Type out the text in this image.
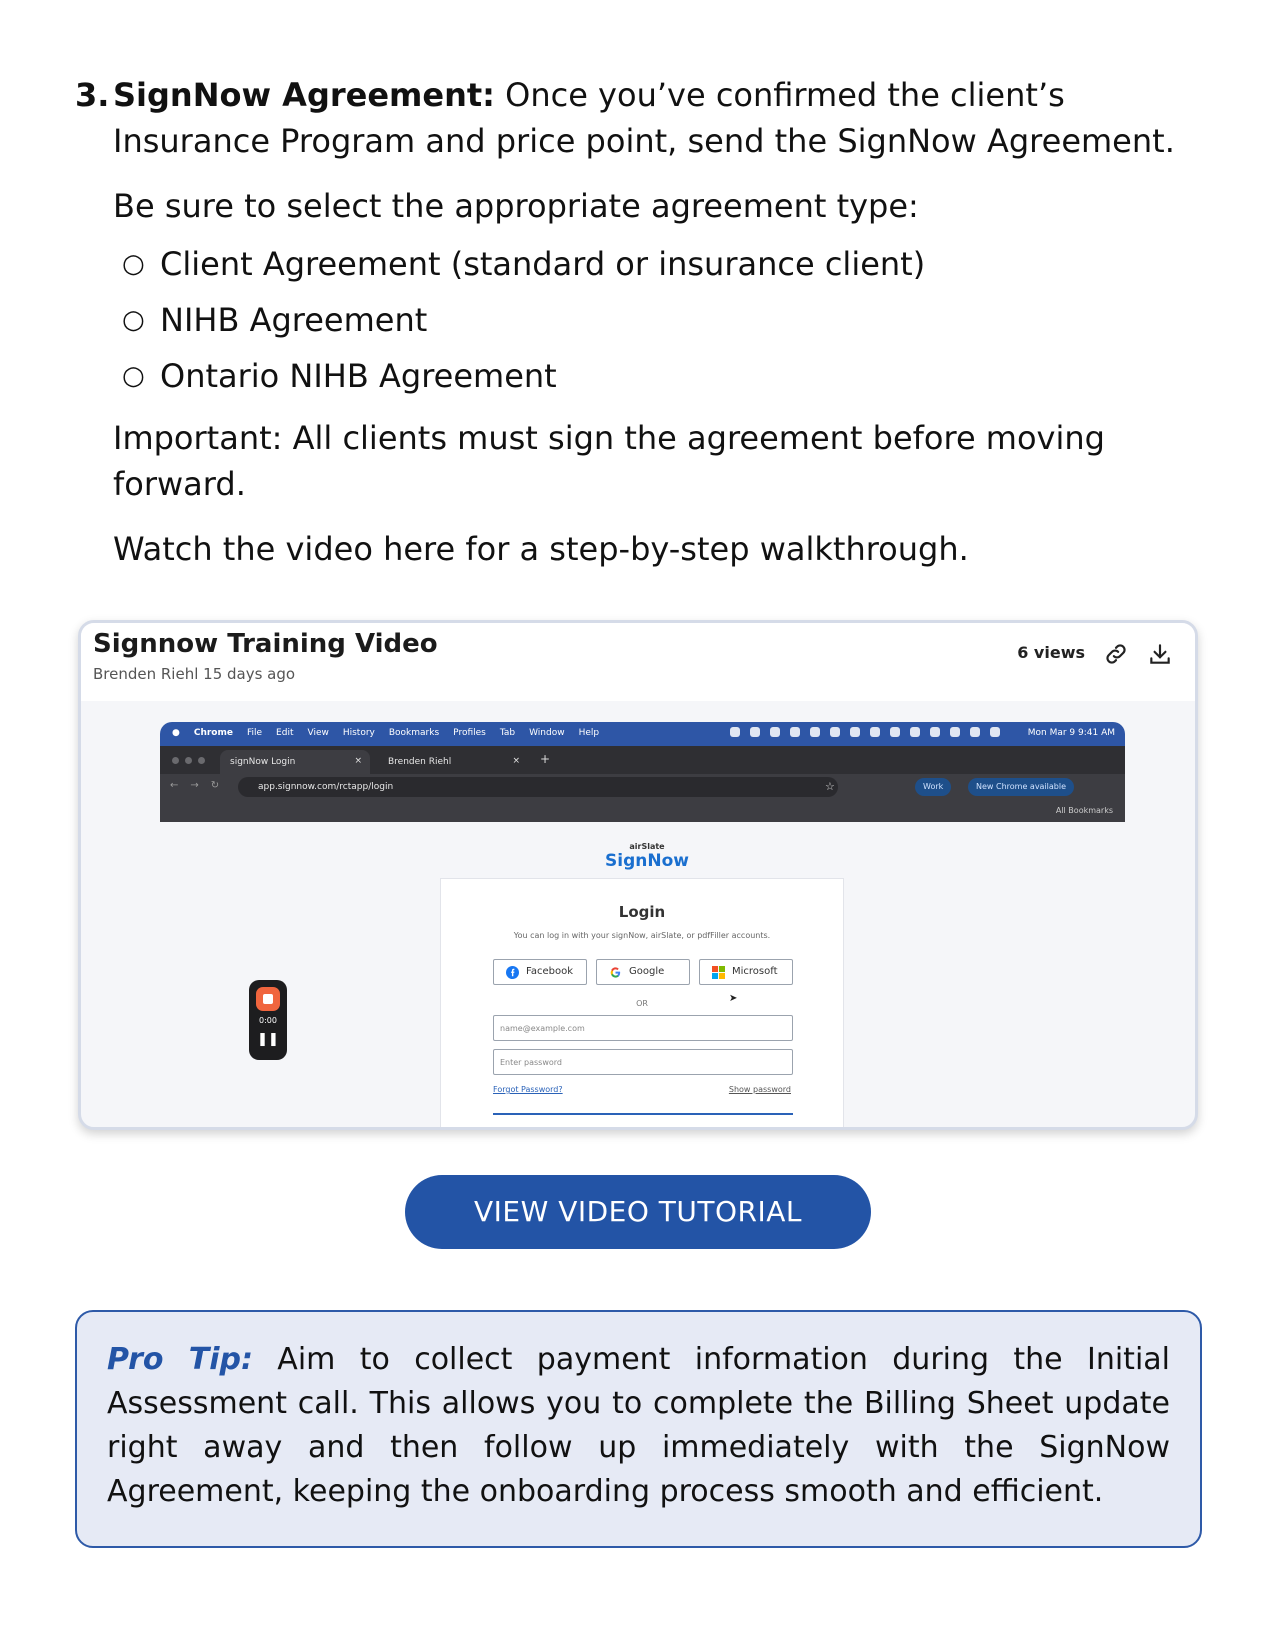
3. SignNow Agreement: Once you’ve confirmed the client’s Insurance Program and price point, send the SignNow Agreement.

Be sure to select the appropriate agreement type:

○ Client Agreement (standard or insurance client)
○ NIHB Agreement
○ Ontario NIHB Agreement

Important: All clients must sign the agreement before moving forward.

Watch the video here for a step-by-step walkthrough.

Signnow Training Video
Brenden Riehl 15 days ago
6 views
● Chrome File Edit View History Bookmarks Profiles Tab Window Help	Mon Mar 9 9:41 AM
signNow Login	×	Brenden Riehl	× +
← → ↻	app.signnow.com/rctapp/login	☆	Work	New Chrome available
All Bookmarks
airSlate
SignNow
Login
You can log in with your signNow, airSlate, or pdfFiller accounts.
Facebook	Google	Microsoft
➤
OR
name@example.com
Enter password
Forgot Password?	Show password
0:00
❚❚
VIEW VIDEO TUTORIAL

Pro Tip: Aim to collect payment information during the Initial Assessment call. This allows you to complete the Billing Sheet update right away and then follow up immediately with the SignNow Agreement, keeping the onboarding process smooth and efficient.
